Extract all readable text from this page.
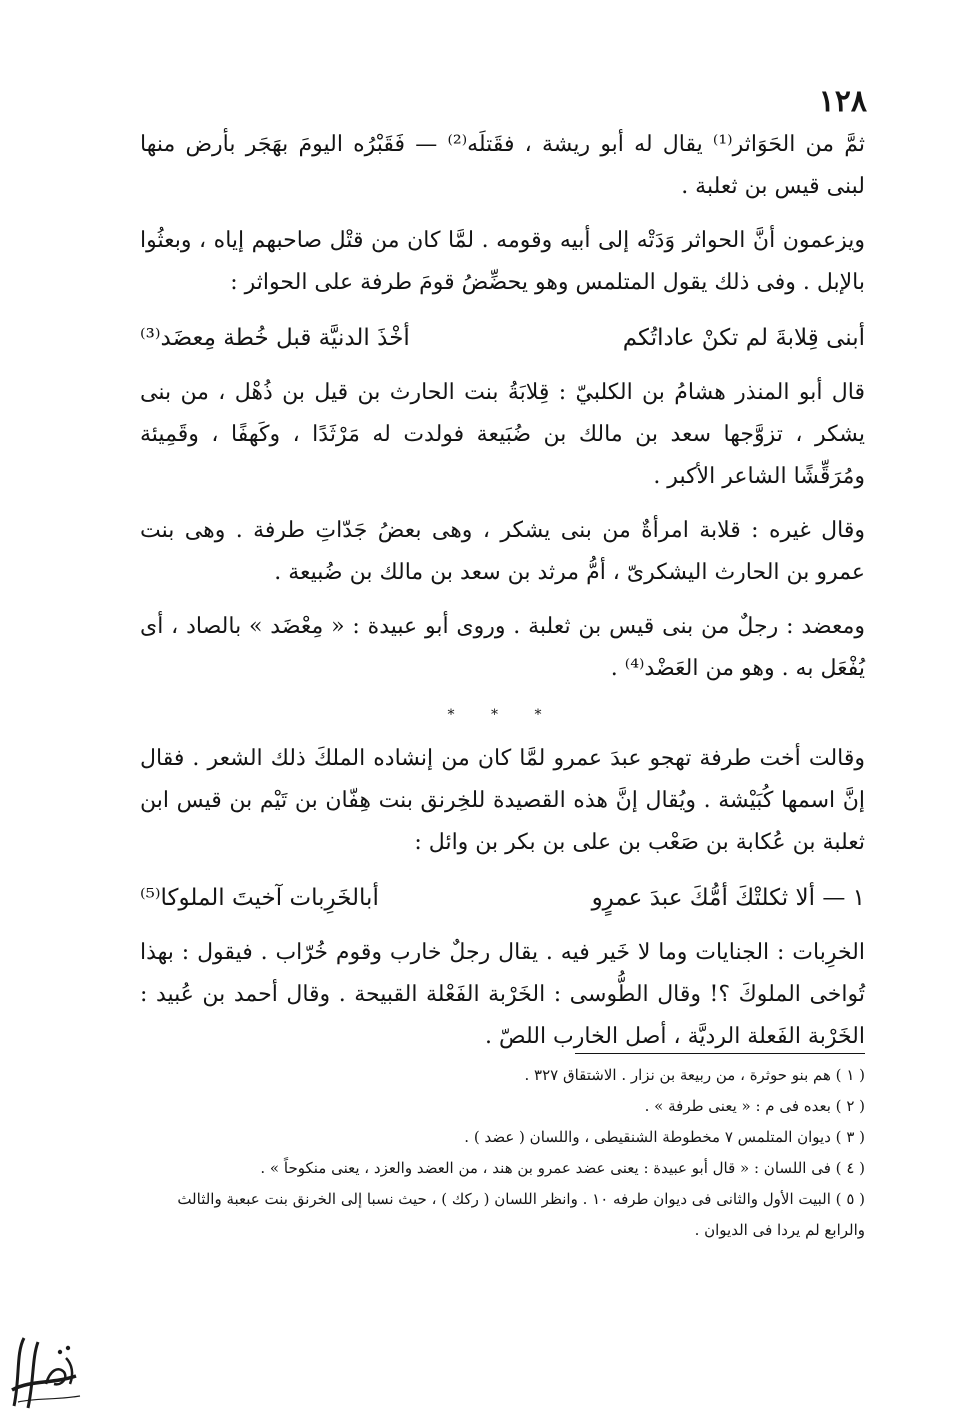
١٢٨

ثمَّ من الحَوَاثر⁽¹⁾ يقال له أبو ريشة ، فقَتلَه⁽²⁾ — فَقَبْرُه اليومَ بهَجَر بأرض منها لبنى قيس بن ثعلبة .

ويزعمون أنَّ الحواثر وَدَتْه إلى أبيه وقومه . لمَّا كان من قتْل صاحبهم إياه ، وبعثُوا بالإبل . وفى ذلك يقول المتلمس وهو يحضِّضُ قومَ طرفة على الحواثر :

أبنى قِلابةَ لم تكنْ عاداتُكم
أخْذَ الدنيَّة قبل خُطة مِعضَد⁽³⁾

قال أبو المنذر هشامُ بن الكلبيّ : قِلابَةُ بنت الحارث بن قيل بن ذُهْل ، من بنى يشكر ، تزوَّجها سعد بن مالك بن ضُبَيعة فولدت له مَرْثَدًا ، وكَهفًا ، وقَمِيئة ومُرَقِّشًا الشاعر الأكبر .

وقال غيره : قلابة امرأةٌ من بنى يشكر ، وهى بعضُ جَدّاتِ طرفة . وهى بنت عمرو بن الحارث اليشكرىّ ، أمُّ مرثد بن سعد بن مالك بن ضُبيعة .

ومعضد : رجلٌ من بنى قيس بن ثعلبة . وروى أبو عبيدة : « مِعْضَد » بالصاد ، أى يُفْعَل به . وهو من العَضْد⁽⁴⁾ .

* * *

وقالت أخت طرفة تهجو عبدَ عمرو لمَّا كان من إنشاده الملكَ ذلك الشعر . فقال إنَّ اسمها كُبَيْشة . ويُقال إنَّ هذه القصيدة للخِرنق بنت هِفّان بن تَيْم بن قيس ابن ثعلبة بن عُكابة بن صَعْب بن على بن بكر بن وائل :

١ — ألا ثكلتْكَ أمُّكَ عبدَ عمرٍو
أبالخَرِبات آخيتَ الملوكا⁽⁵⁾

الخرِبات : الجنايات وما لا خَير فيه . يقال رجلٌ خارب وقوم خُرّاب . فيقول : بهذا تُواخى الملوكَ ؟! وقال الطُّوسى : الخَرْبة الفَعْلة القبيحة . وقال أحمد بن عُبيد : الخَرْبة الفَعلة الرديَّة ، أصل الخارب اللصّ .

( ١ ) هم بنو حوثرة ، من ربيعة بن نزار . الاشتقاق ٣٢٧ .
( ٢ ) بعده فى م : « يعنى طرفة » .
( ٣ ) ديوان المتلمس ٧ مخطوطة الشنقيطى ، واللسان ( عضد ) .
( ٤ ) فى اللسان : « قال أبو عبيدة : يعنى عضد عمرو بن هند ، من العضد والعزد ، يعنى منكوحاً » .
( ٥ ) البيت الأول والثانى فى ديوان طرفه ١٠ . وانظر اللسان ( ركك ) ، حيث نسبا إلى الخرنق بنت عبعبة والثالث والرابع لم يردا فى الديوان .
